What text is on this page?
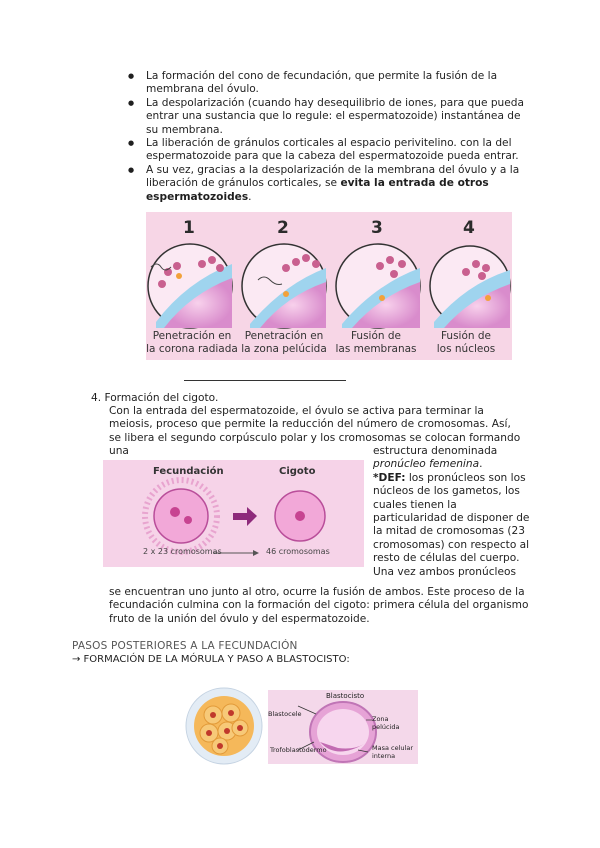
● La formación del cono de fecundación, que permite la fusión de la membrana del óvulo.
● La despolarización (cuando hay desequilibrio de iones, para que pueda entrar una sustancia que lo regule: el espermatozoide) instantánea de su membrana.
● La liberación de gránulos corticales al espacio perivitelino. con la del espermatozoide para que la cabeza del espermatozoide pueda entrar.
● A su vez, gracias a la despolarización de la membrana del óvulo y a la liberación de gránulos corticales, se evita la entrada de otros espermatozoides.
1	2	3	4
Penetración en
la corona radiada
Penetración en
la zona pelúcida
Fusión de
las membranas
Fusión de
los núcleos
4. Formación del cigoto.
Con la entrada del espermatozoide, el óvulo se activa para terminar la meiosis, proceso que permite la reducción del número de cromosomas. Así, se libera el segundo corpúsculo polar y los cromosomas se colocan formando una
Fecundación	Cigoto
2 x 23 cromosomas	46 cromosomas
estructura denominada
pronúcleo femenina.
*DEF: los pronúcleos son los núcleos de los gametos, los cuales tienen la particularidad de disponer de la mitad de cromosomas (23 cromosomas) con respecto al resto de células del cuerpo.
Una vez ambos pronúcleos
se encuentran uno junto al otro, ocurre la fusión de ambos. Este proceso de la fecundación culmina con la formación del cigoto: primera célula del organismo fruto de la unión del óvulo y del espermatozoide.
PASOS POSTERIORES A LA FECUNDACIÓN
→ FORMACIÓN DE LA MÓRULA Y PASO A BLASTOCISTO:
Blastocisto
Blastocele
Zona pelúcida
Trofoblastodermo	Masa celular
interna
